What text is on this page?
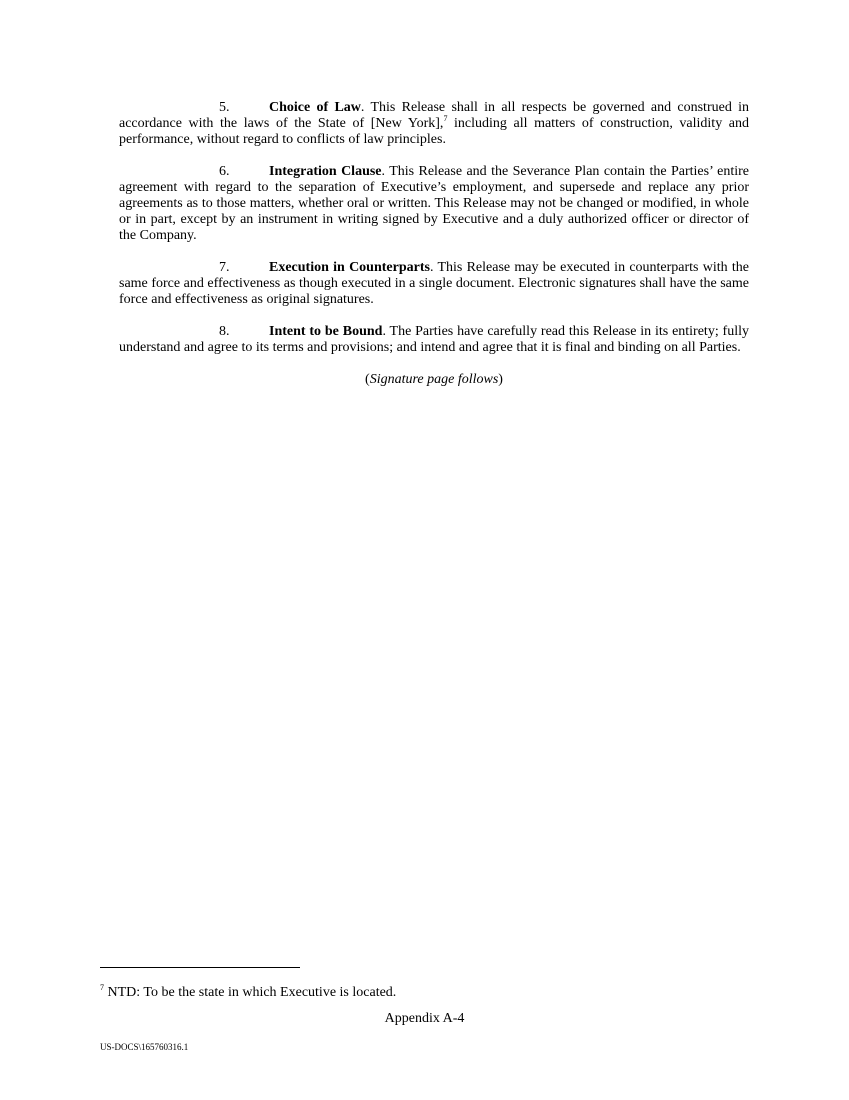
5.	Choice of Law. This Release shall in all respects be governed and construed in accordance with the laws of the State of [New York],$^7$ including all matters of construction, validity and performance, without regard to conflicts of law principles.

6.	Integration Clause. This Release and the Severance Plan contain the Parties’ entire agreement with regard to the separation of Executive’s employment, and supersede and replace any prior agreements as to those matters, whether oral or written. This Release may not be changed or modified, in whole or in part, except by an instrument in writing signed by Executive and a duly authorized officer or director of the Company.

7.	Execution in Counterparts. This Release may be executed in counterparts with the same force and effectiveness as though executed in a single document. Electronic signatures shall have the same force and effectiveness as original signatures.

8.	Intent to be Bound. The Parties have carefully read this Release in its entirety; fully understand and agree to its terms and provisions; and intend and agree that it is final and binding on all Parties.

(Signature page follows)

$^7$ NTD: To be the state in which Executive is located.
Appendix A-4
US-DOCS\165760316.1
